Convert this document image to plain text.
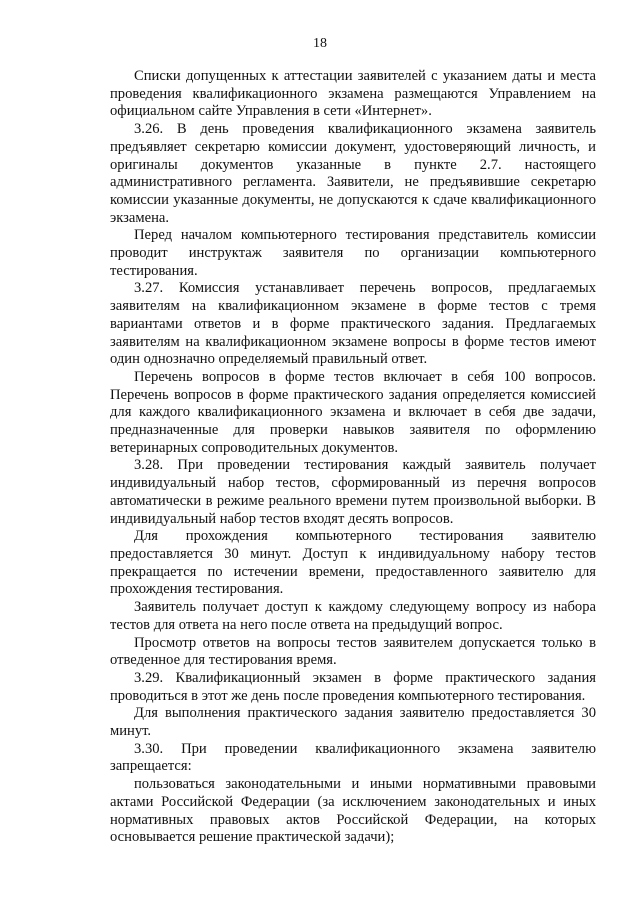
18

Списки допущенных к аттестации заявителей с указанием даты и места проведения квалификационного экзамена размещаются Управлением на официальном сайте Управления в сети «Интернет».

3.26. В день проведения квалификационного экзамена заявитель предъявляет секретарю комиссии документ, удостоверяющий личность, и оригиналы документов указанные в пункте 2.7. настоящего административного регламента. Заявители, не предъявившие секретарю комиссии указанные документы, не допускаются к сдаче квалификационного экзамена.

Перед началом компьютерного тестирования представитель комиссии проводит инструктаж заявителя по организации компьютерного тестирования.

3.27. Комиссия устанавливает перечень вопросов, предлагаемых заявителям на квалификационном экзамене в форме тестов с тремя вариантами ответов и в форме практического задания. Предлагаемых заявителям на квалификационном экзамене вопросы в форме тестов имеют один однозначно определяемый правильный ответ.

Перечень вопросов в форме тестов включает в себя 100 вопросов. Перечень вопросов в форме практического задания определяется комиссией для каждого квалификационного экзамена и включает в себя две задачи, предназначенные для проверки навыков заявителя по оформлению ветеринарных сопроводительных документов.

3.28. При проведении тестирования каждый заявитель получает индивидуальный набор тестов, сформированный из перечня вопросов автоматически в режиме реального времени путем произвольной выборки. В индивидуальный набор тестов входят десять вопросов.

Для прохождения компьютерного тестирования заявителю предоставляется 30 минут. Доступ к индивидуальному набору тестов прекращается по истечении времени, предоставленного заявителю для прохождения тестирования.

Заявитель получает доступ к каждому следующему вопросу из набора тестов для ответа на него после ответа на предыдущий вопрос.

Просмотр ответов на вопросы тестов заявителем допускается только в отведенное для тестирования время.

3.29. Квалификационный экзамен в форме практического задания проводиться в этот же день после проведения компьютерного тестирования.

Для выполнения практического задания заявителю предоставляется 30 минут.

3.30. При проведении квалификационного экзамена заявителю запрещается:

пользоваться законодательными и иными нормативными правовыми актами Российской Федерации (за исключением законодательных и иных нормативных правовых актов Российской Федерации, на которых основывается решение практической задачи);
